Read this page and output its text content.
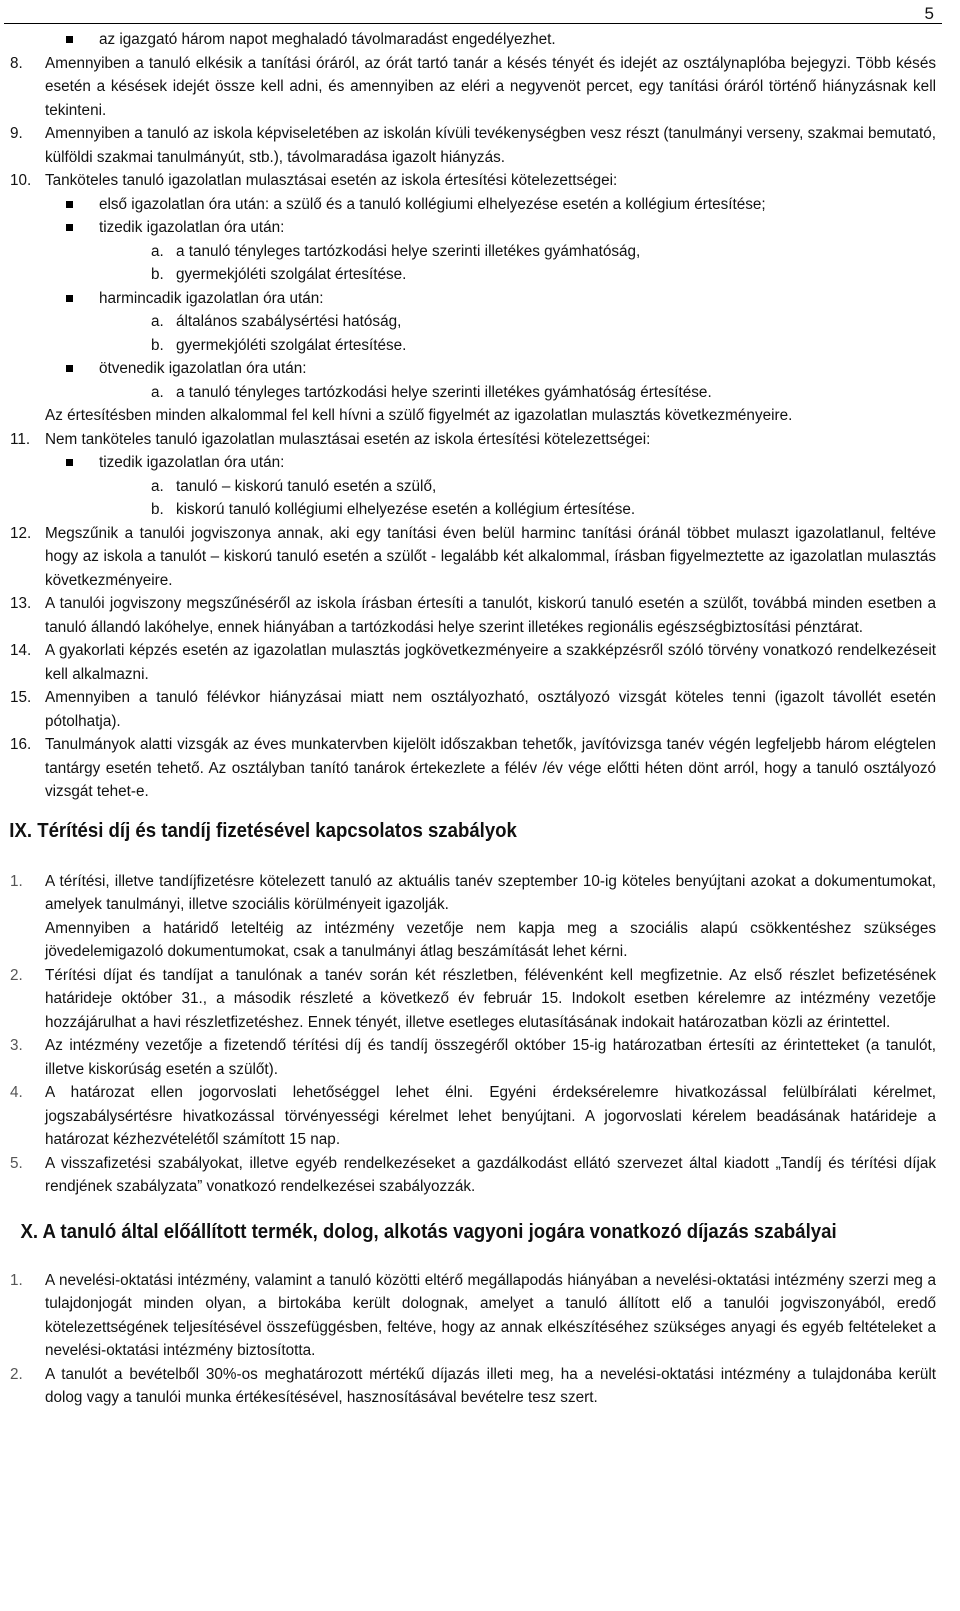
5
az igazgató három napot meghaladó távolmaradást engedélyezhet.
8. Amennyiben a tanuló elkésik a tanítási óráról, az órát tartó tanár a késés tényét és idejét az osztálynaplóba bejegyzi. Több késés esetén a késések idejét össze kell adni, és amennyiben az eléri a negyvenöt percet, egy tanítási óráról történő hiányzásnak kell tekinteni.
9. Amennyiben a tanuló az iskola képviseletében az iskolán kívüli tevékenységben vesz részt (tanulmányi verseny, szakmai bemutató, külföldi szakmai tanulmányút, stb.), távolmaradása igazolt hiányzás.
10. Tanköteles tanuló igazolatlan mulasztásai esetén az iskola értesítési kötelezettségei:
első igazolatlan óra után: a szülő és a tanuló kollégiumi elhelyezése esetén a kollégium értesítése;
tizedik igazolatlan óra után:
a. a tanuló tényleges tartózkodási helye szerinti illetékes gyámhatóság,
b. gyermekjóléti szolgálat értesítése.
harmincadik igazolatlan óra után:
a. általános szabálysértési hatóság,
b. gyermekjóléti szolgálat értesítése.
ötvenedik igazolatlan óra után:
a. a tanuló tényleges tartózkodási helye szerinti illetékes gyámhatóság értesítése.
Az értesítésben minden alkalommal fel kell hívni a szülő figyelmét az igazolatlan mulasztás következményeire.
11. Nem tanköteles tanuló igazolatlan mulasztásai esetén az iskola értesítési kötelezettségei:
tizedik igazolatlan óra után:
a. tanuló – kiskorú tanuló esetén a szülő,
b. kiskorú tanuló kollégiumi elhelyezése esetén a kollégium értesítése.
12. Megszűnik a tanulói jogviszonya annak, aki egy tanítási éven belül harminc tanítási óránál többet mulaszt igazolatlanul, feltéve hogy az iskola a tanulót – kiskorú tanuló esetén a szülőt - legalább két alkalommal, írásban figyelmeztette az igazolatlan mulasztás következményeire.
13. A tanulói jogviszony megszűnéséről az iskola írásban értesíti a tanulót, kiskorú tanuló esetén a szülőt, továbbá minden esetben a tanuló állandó lakóhelye, ennek hiányában a tartózkodási helye szerint illetékes regionális egészségbiztosítási pénztárat.
14. A gyakorlati képzés esetén az igazolatlan mulasztás jogkövetkezményeire a szakképzésről szóló törvény vonatkozó rendelkezéseit kell alkalmazni.
15. Amennyiben a tanuló félévkor hiányzásai miatt nem osztályozható, osztályozó vizsgát köteles tenni (igazolt távollét esetén pótolhatja).
16. Tanulmányok alatti vizsgák az éves munkatervben kijelölt időszakban tehetők, javítóvizsga tanév végén legfeljebb három elégtelen tantárgy esetén tehető. Az osztályban tanító tanárok értekezlete a félév /év vége előtti héten dönt arról, hogy a tanuló osztályozó vizsgát tehet-e.
IX. Térítési díj és tandíj fizetésével kapcsolatos szabályok
1. A térítési, illetve tandíjfizetésre kötelezett tanuló az aktuális tanév szeptember 10-ig köteles benyújtani azokat a dokumentumokat, amelyek tanulmányi, illetve szociális körülményeit igazolják.
Amennyiben a határidő leteltéig az intézmény vezetője nem kapja meg a szociális alapú csökkentéshez szükséges jövedelemigazoló dokumentumokat, csak a tanulmányi átlag beszámítását lehet kérni.
2. Térítési díjat és tandíjat a tanulónak a tanév során két részletben, félévenként kell megfizetnie. Az első részlet befizetésének határideje október 31., a második részleté a következő év február 15. Indokolt esetben kérelemre az intézmény vezetője hozzájárulhat a havi részletfizetéshez. Ennek tényét, illetve esetleges elutasításának indokait határozatban közli az érintettel.
3. Az intézmény vezetője a fizetendő térítési díj és tandíj összegéről október 15-ig határozatban értesíti az érintetteket (a tanulót, illetve kiskorúság esetén a szülőt).
4. A határozat ellen jogorvoslati lehetőséggel lehet élni. Egyéni érdeksérelemre hivatkozással felülbírálati kérelmet, jogszabálysértésre hivatkozással törvényességi kérelmet lehet benyújtani. A jogorvoslati kérelem beadásának határideje a határozat kézhezvételétől számított 15 nap.
5. A visszafizetési szabályokat, illetve egyéb rendelkezéseket a gazdálkodást ellátó szervezet által kiadott „Tandíj és térítési díjak rendjének szabályzata” vonatkozó rendelkezései szabályozzák.
X. A tanuló által előállított termék, dolog, alkotás vagyoni jogára vonatkozó díjazás szabályai
1. A nevelési-oktatási intézmény, valamint a tanuló közötti eltérő megállapodás hiányában a nevelési-oktatási intézmény szerzi meg a tulajdonjogát minden olyan, a birtokába került dolognak, amelyet a tanuló állított elő a tanulói jogviszonyából, eredő kötelezettségének teljesítésével összefüggésben, feltéve, hogy az annak elkészítéséhez szükséges anyagi és egyéb feltételeket a nevelési-oktatási intézmény biztosította.
2. A tanulót a bevételből 30%-os meghatározott mértékű díjazás illeti meg, ha a nevelési-oktatási intézmény a tulajdonába került dolog vagy a tanulói munka értékesítésével, hasznosításával bevételre tesz szert.
